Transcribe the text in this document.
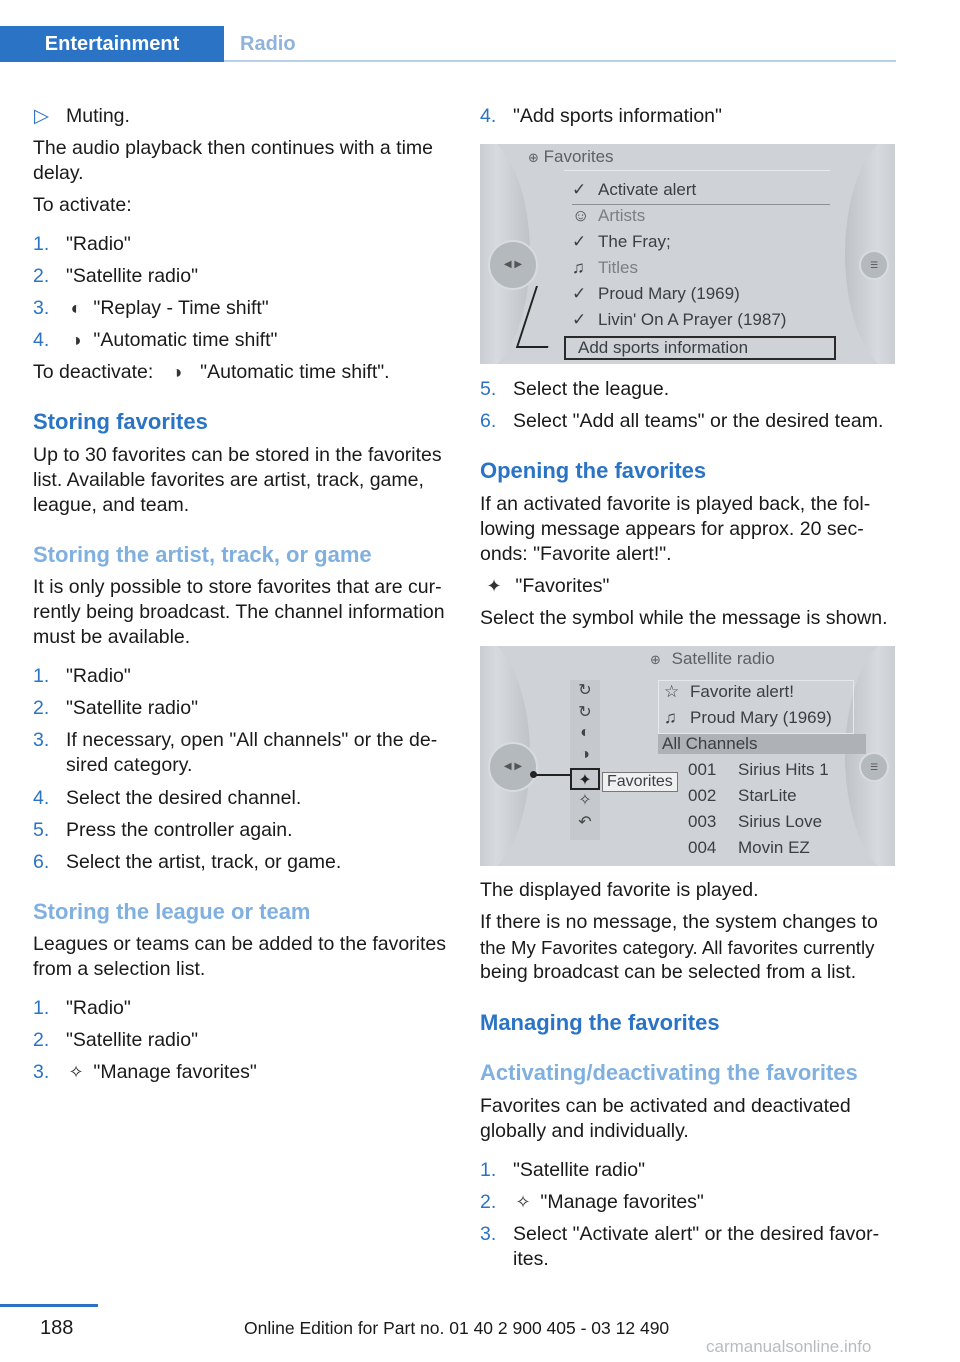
Entertainment	Radio
▷ Muting.
The audio playback then continues with a time
delay.
To activate:
1. "Radio"
2. "Satellite radio"
3.	◐ "Replay - Time shift"
4.	◑ "Automatic time shift"
To deactivate: ◑ "Automatic time shift".
Storing favorites
Up to 30 favorites can be stored in the favorites
list. Available favorites are artist, track, game,
league, and team.
Storing the artist, track, or game
It is only possible to store favorites that are cur‐
rently being broadcast. The channel information
must be available.
1. "Radio"
2. "Satellite radio"
3. If necessary, open "All channels" or the de‐
sired category.
4. Select the desired channel.
5. Press the controller again.
6. Select the artist, track, or game.
Storing the league or team
Leagues or teams can be added to the favorites
from a selection list.
1. "Radio"
2. "Satellite radio"
3. ✧ "Manage favorites"
4. "Add sports information"
◀ ▶	☰
⊕ Favorites
✓ Activate alert
☺ Artists
✓ The Fray;
♫ Titles
✓ Proud Mary (1969)
✓ Livin' On A Prayer (1987)
Add sports information
5. Select the league.
6. Select "Add all teams" or the desired team.
Opening the favorites
If an activated favorite is played back, the fol‐
lowing message appears for approx. 20 sec‐
onds: "Favorite alert!".
✦ "Favorites"
Select the symbol while the message is shown.
◀ ▶	☰
⊕ Satellite radio
↻
↻
◐
◑
✦
✧
↶
☆ Favorite alert!
♫ Proud Mary (1969)
All Channels
001 Sirius Hits 1
002 StarLite
003 Sirius Love
004 Movin EZ
Favorites
The displayed favorite is played.
If there is no message, the system changes to
the My Favorites category. All favorites currently
being broadcast can be selected from a list.
Managing the favorites
Activating/deactivating the favorites
Favorites can be activated and deactivated
globally and individually.
1. "Satellite radio"
2. ✧ "Manage favorites"
3. Select "Activate alert" or the desired favor‐
ites.
188	Online Edition for Part no. 01 40 2 900 405 - 03 12 490
carmanualsonline.info
